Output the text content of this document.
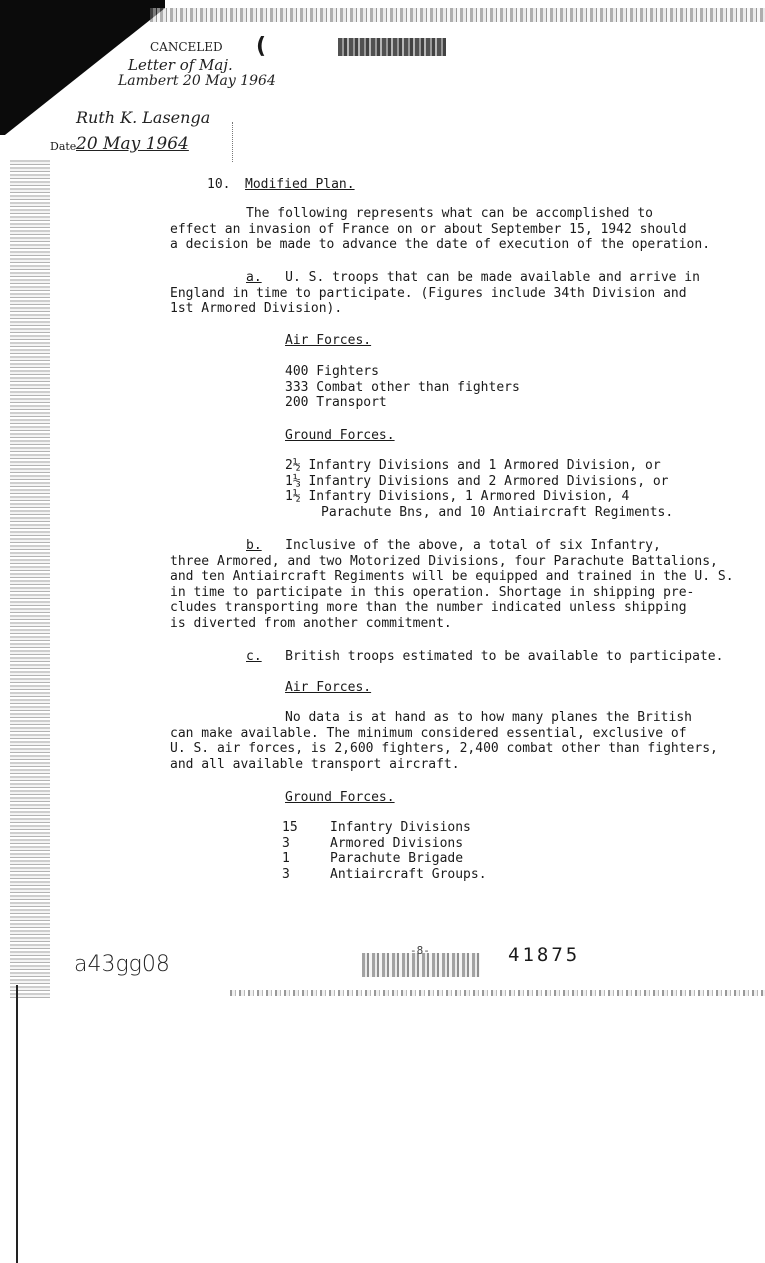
CANCELED
Letter of Maj.
Lambert 20 May 1964
Ruth K. Lasenga
Date 20 May 1964
(
10. Modified Plan.

The following represents what can be accomplished to

effect an invasion of France on or about September 15, 1942 should

a decision be made to advance the date of execution of the operation.

a. U. S. troops that can be made available and arrive in

England in time to participate. (Figures include 34th Division and

1st Armored Division).

Air Forces.

400 Fighters

333 Combat other than fighters

200 Transport

Ground Forces.

2½ Infantry Divisions and 1 Armored Division, or

1⅓ Infantry Divisions and 2 Armored Divisions, or

1½ Infantry Divisions, 1 Armored Division, 4

Parachute Bns, and 10 Antiaircraft Regiments.

b. Inclusive of the above, a total of six Infantry,

three Armored, and two Motorized Divisions, four Parachute Battalions,

and ten Antiaircraft Regiments will be equipped and trained in the U. S.

in time to participate in this operation. Shortage in shipping pre-

cludes transporting more than the number indicated unless shipping

is diverted from another commitment.

c. British troops estimated to be available to participate.
Air Forces.

No data is at hand as to how many planes the British

can make available. The minimum considered essential, exclusive of

U. S. air forces, is 2,600 fighters, 2,400 combat other than fighters,

and all available transport aircraft.

Ground Forces.

15 Infantry Divisions

3	Armored Divisions

1	Parachute Brigade

3	Antiaircraft Groups.

a43gg08
-8-	41875
